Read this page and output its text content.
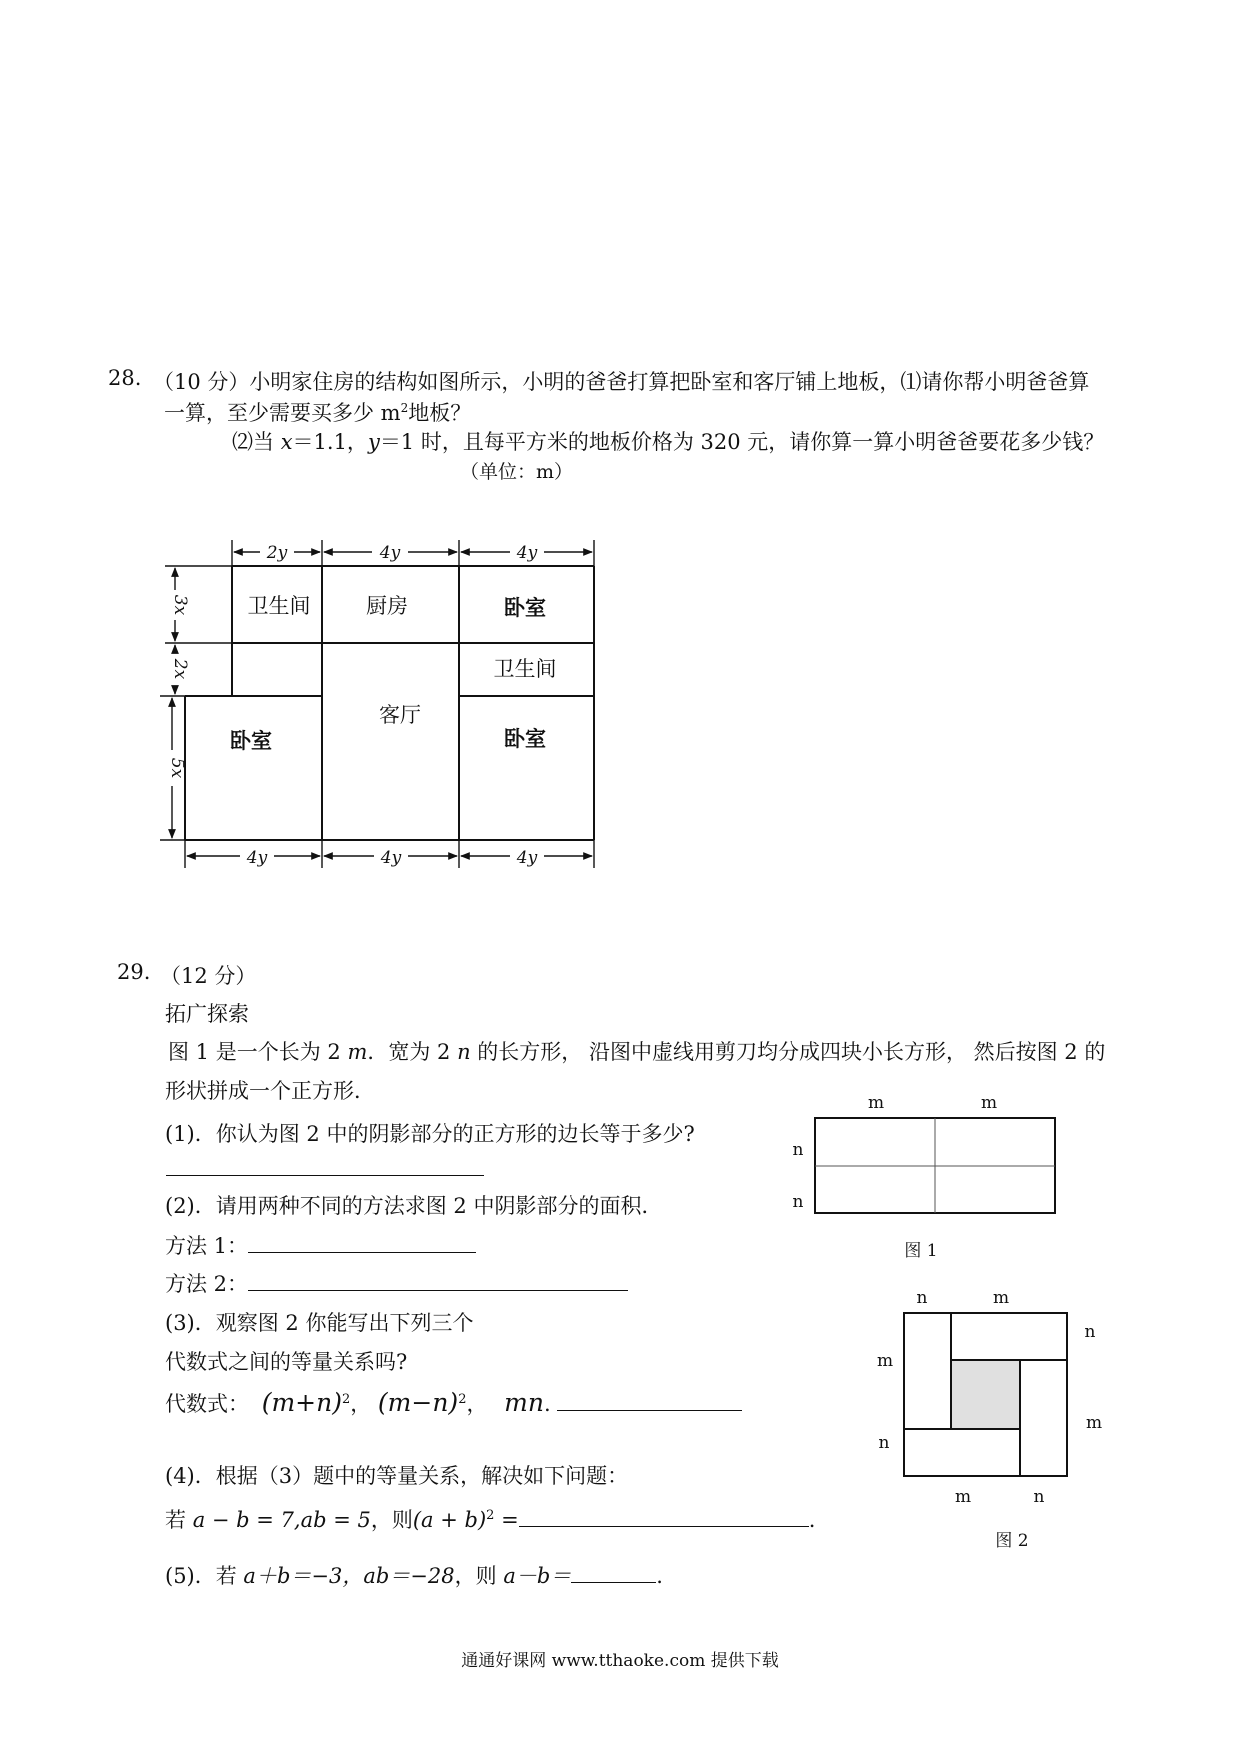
28. （10 分）小明家住房的结构如图所示，小明的爸爸打算把卧室和客厅铺上地板，⑴请你帮小明爸爸算
一算，至少需要买多少 $m^2$地板？
⑵当 x＝1.1，y＝1 时，且每平方米的地板价格为 320 元，请你算一算小明爸爸要花多少钱？
（单位：m）
2y	4y	4y
4y	4y	4y
3x
2x
5x
卫生间	厨房	卧室
卫生间
客厅
卧室	卧室
29. （12 分）
拓广探索
图 1 是一个长为 2 m．宽为 2 n 的长方形， 沿图中虚线用剪刀均分成四块小长方形， 然后按图 2 的
形状拼成一个正方形．
(1)．你认为图 2 中的阴影部分的正方形的边长等于多少?
(2)．请用两种不同的方法求图 2 中阴影部分的面积．
方法 1：
方法 2：
(3)．观察图 2 你能写出下列三个
代数式之间的等量关系吗?
代数式： $(m+n)^2$， $(m-n)^2$， mn.
(4)．根据（3）题中的等量关系，解决如下问题：
若 a − b = 7,ab = 5，则$(a + b)^2$ =	.
(5)．若 a＋b＝−3，ab＝−28，则 a－b＝	.
m	m
n
n
图 1
n	m
n
m
m
n
m	n
图 2
通通好课网 www.tthaoke.com 提供下载
